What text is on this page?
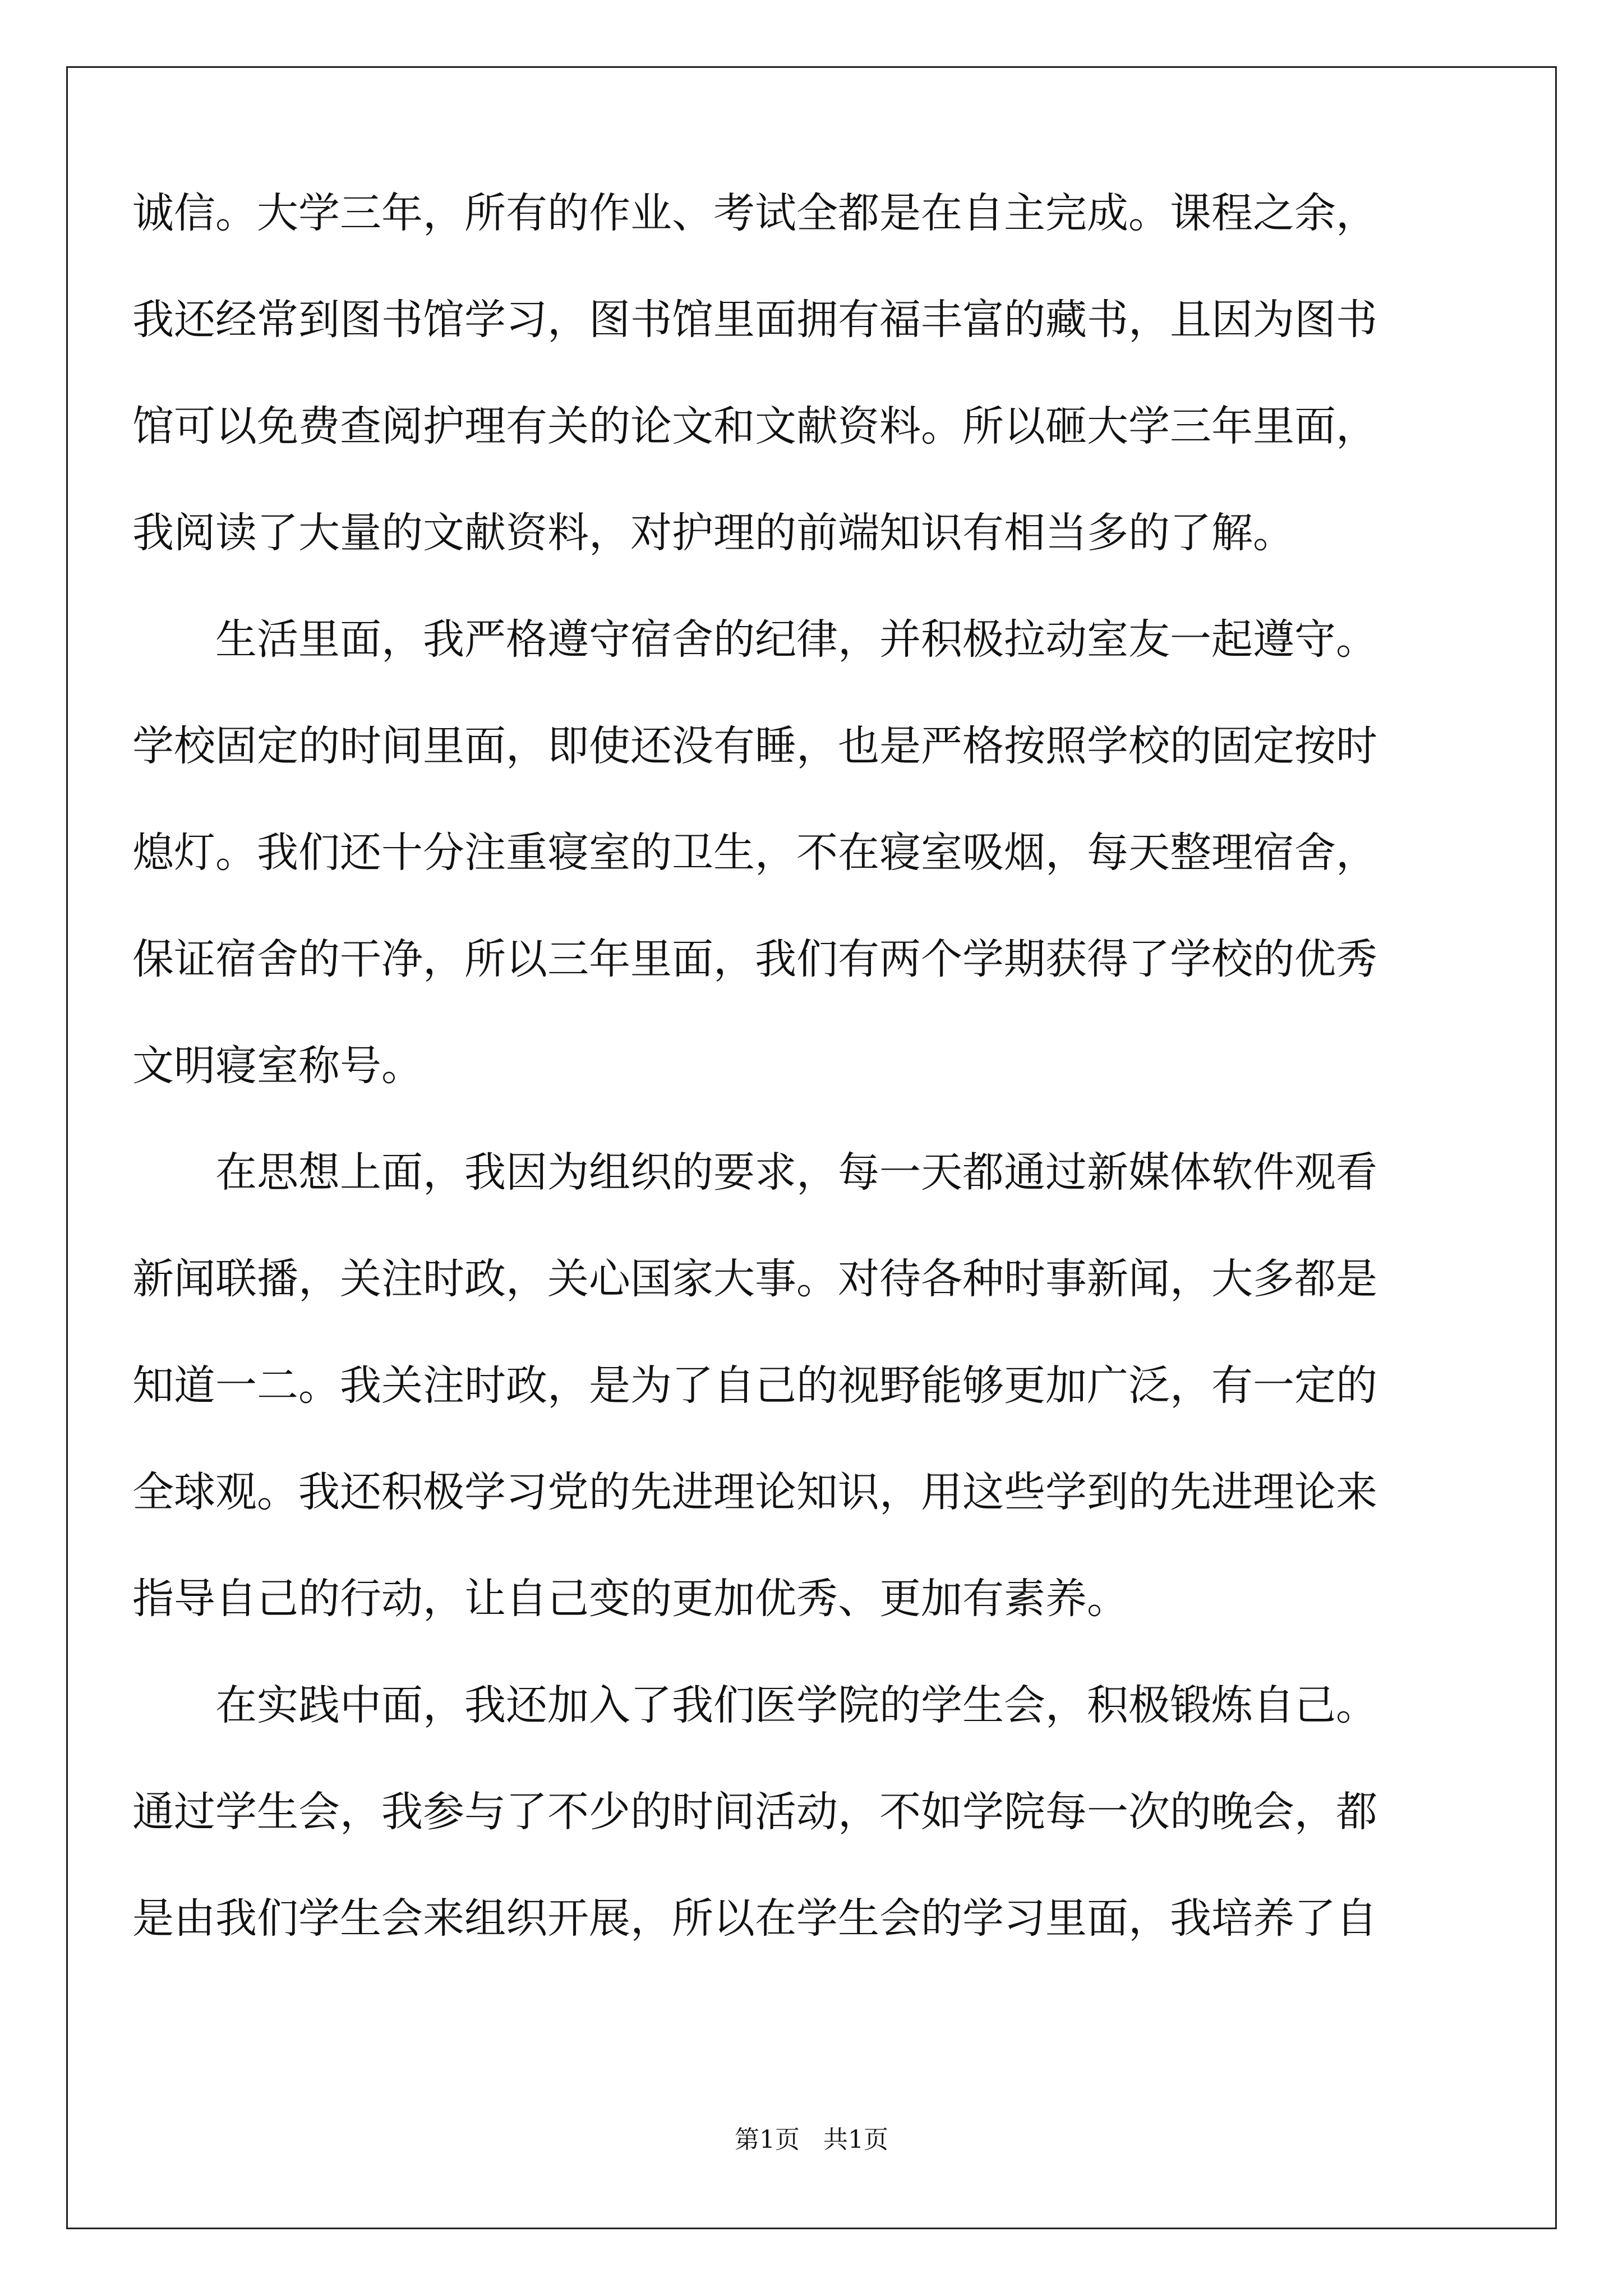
诚信。大学三年，所有的作业、考试全都是在自主完成。课程之余，
我还经常到图书馆学习，图书馆里面拥有福丰富的藏书，且因为图书
馆可以免费查阅护理有关的论文和文献资料。所以砸大学三年里面，
我阅读了大量的文献资料，对护理的前端知识有相当多的了解。
　　生活里面，我严格遵守宿舍的纪律，并积极拉动室友一起遵守。
学校固定的时间里面，即使还没有睡，也是严格按照学校的固定按时
熄灯。我们还十分注重寝室的卫生，不在寝室吸烟，每天整理宿舍，
保证宿舍的干净，所以三年里面，我们有两个学期获得了学校的优秀
文明寝室称号。
　　在思想上面，我因为组织的要求，每一天都通过新媒体软件观看
新闻联播，关注时政，关心国家大事。对待各种时事新闻，大多都是
知道一二。我关注时政，是为了自己的视野能够更加广泛，有一定的
全球观。我还积极学习党的先进理论知识，用这些学到的先进理论来
指导自己的行动，让自己变的更加优秀、更加有素养。
　　在实践中面，我还加入了我们医学院的学生会，积极锻炼自己。
通过学生会，我参与了不少的时间活动，不如学院每一次的晚会，都
是由我们学生会来组织开展，所以在学生会的学习里面，我培养了自
第1页   共1页
